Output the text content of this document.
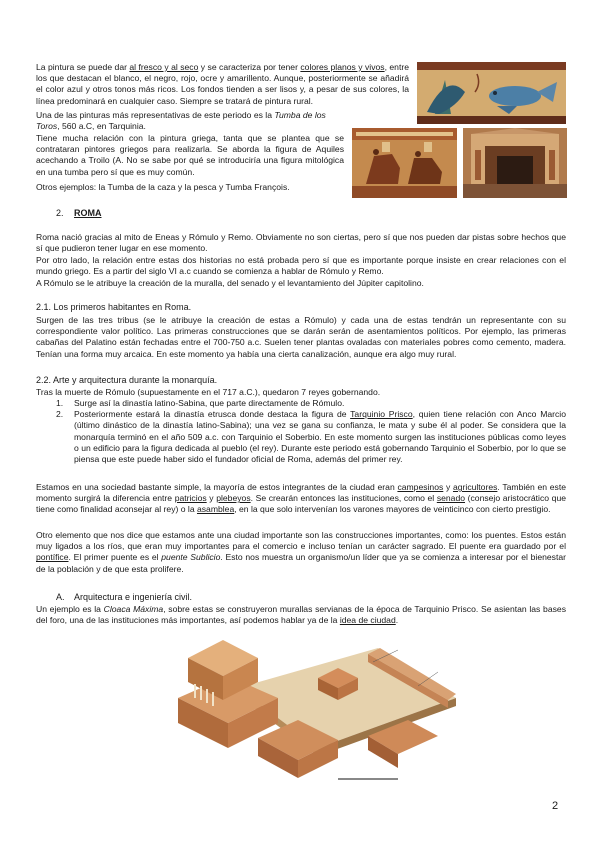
La pintura se puede dar al fresco y al seco y se caracteriza por tener colores planos y vivos, entre los que destacan el blanco, el negro, rojo, ocre y amarillento. Aunque, posteriormente se añadirá el color azul y otros tonos más ricos. Los fondos tienden a ser lisos y, a pesar de sus colores, la línea predominará en cualquier caso. Siempre se tratará de pintura rural.
Una de las pinturas más representativas de este periodo es la Tumba de los Toros, 560 a.C, en Tarquinia.
Tiene mucha relación con la pintura griega, tanta que se plantea que se contrataran pintores griegos para realizarla. Se aborda la figura de Aquiles acechando a Troilo (A. No se sabe por qué se introduciría una figura mitológica en una tumba pero sí que es muy común.
Otros ejemplos: la Tumba de la caza y la pesca y Tumba François.
2. ROMA
Roma nació gracias al mito de Eneas y Rómulo y Remo. Obviamente no son ciertas, pero sí que nos pueden dar pistas sobre hechos que sí que pudieron tener lugar en ese momento.
Por otro lado, la relación entre estas dos historias no está probada pero sí que es importante porque insiste en crear relaciones con el mundo griego. Es a partir del siglo VI a.c cuando se comienza a hablar de Rómulo y Remo.
A Rómulo se le atribuye la creación de la muralla, del senado y el levantamiento del Júpiter capitolino.
2.1. Los primeros habitantes en Roma.
Surgen de las tres tribus (se le atribuye la creación de estas a Rómulo) y cada una de estas tendrán un representante con su correspondiente valor político. Las primeras construcciones que se darán serán de asentamientos políticos. Por ejemplo, las primeras cabañas del Palatino están fechadas entre el 700-750 a.c. Suelen tener plantas ovaladas con materiales pobres como cemento, madera. Tenían una forma muy arcaica. En este momento ya había una cierta canalización, aunque era algo muy rural.
2.2. Arte y arquitectura durante la monarquía.
Tras la muerte de Rómulo (supuestamente en el 717 a.C.), quedaron 7 reyes gobernando.
1. Surge así la dinastía latino-Sabina, que parte directamente de Rómulo.
2. Posteriormente estará la dinastía etrusca donde destaca la figura de Tarquinio Prisco, quien tiene relación con Anco Marcio (último dinástico de la dinastía latino-Sabina); una vez se gana su confianza, le mata y sube él al poder. Se considera que la monarquía terminó en el año 509 a.c. con Tarquinio el Soberbio. En este momento surgen las instituciones públicas como leyes o un edificio para la figura dedicada al pueblo (el rey). Durante este periodo está gobernando Tarquinio el Soberbio, por lo que se piensa que este puede haber sido el fundador oficial de Roma, además del primer rey.
Estamos en una sociedad bastante simple, la mayoría de estos integrantes de la ciudad eran campesinos y agricultores. También en este momento surgirá la diferencia entre patricios y plebeyos. Se crearán entonces las instituciones, como el senado (consejo aristocrático que tiene como finalidad aconsejar al rey) o la asamblea, en la que solo intervenían los varones mayores de veinticinco con cierto prestigio.
Otro elemento que nos dice que estamos ante una ciudad importante son las construcciones importantes, como: los puentes. Estos están muy ligados a los ríos, que eran muy importantes para el comercio e incluso tenían un carácter sagrado. El puente era guardado por el pontífice. El primer puente es el puente Sublicio. Esto nos muestra un organismo/un líder que ya se comienza a interesar por el bienestar de la población y de que esta prolifere.
A. Arquitectura e ingeniería civil.
Un ejemplo es la Cloaca Máxima, sobre estas se construyeron murallas servianas de la época de Tarquinio Prisco. Se asientan las bases del foro, una de las instituciones más importantes, así podemos hablar ya de la idea de ciudad.
2
